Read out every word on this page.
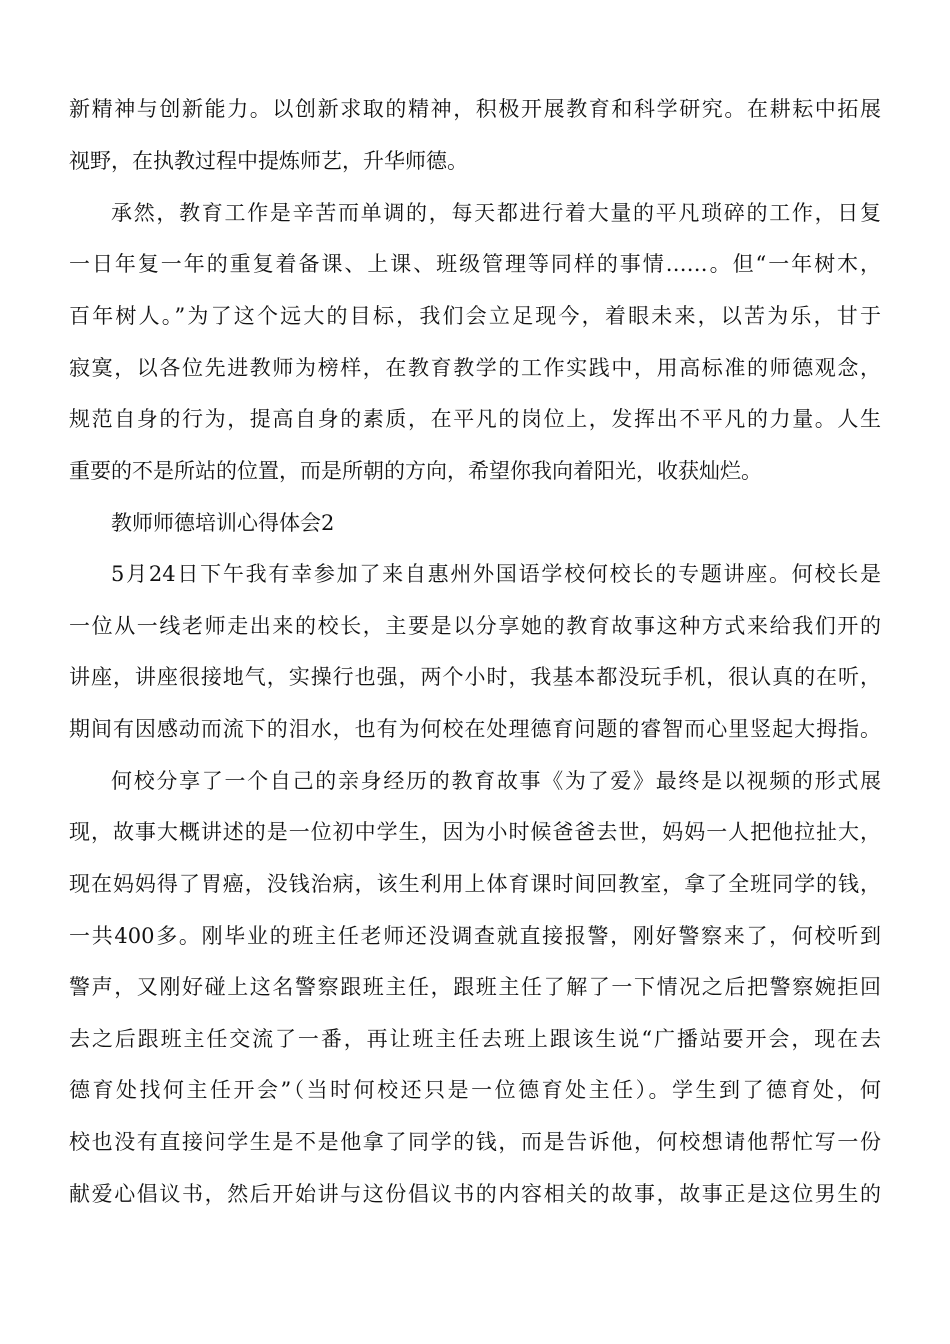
新精神与创新能力。以创新求取的精神，积极开展教育和科学研究。在耕耘中拓展
视野，在执教过程中提炼师艺，升华师德。
承然，教育工作是辛苦而单调的，每天都进行着大量的平凡琐碎的工作，日复
一日年复一年的重复着备课、上课、班级管理等同样的事情……。但“一年树木，
百年树人。”为了这个远大的目标，我们会立足现今，着眼未来，以苦为乐，甘于
寂寞，以各位先进教师为榜样，在教育教学的工作实践中，用高标准的师德观念，
规范自身的行为，提高自身的素质，在平凡的岗位上，发挥出不平凡的力量。人生
重要的不是所站的位置，而是所朝的方向，希望你我向着阳光，收获灿烂。
教师师德培训心得体会2
5月24日下午我有幸参加了来自惠州外国语学校何校长的专题讲座。何校长是
一位从一线老师走出来的校长，主要是以分享她的教育故事这种方式来给我们开的
讲座，讲座很接地气，实操行也强，两个小时，我基本都没玩手机，很认真的在听，
期间有因感动而流下的泪水，也有为何校在处理德育问题的睿智而心里竖起大拇指。
何校分享了一个自己的亲身经历的教育故事《为了爱》最终是以视频的形式展
现，故事大概讲述的是一位初中学生，因为小时候爸爸去世，妈妈一人把他拉扯大，
现在妈妈得了胃癌，没钱治病，该生利用上体育课时间回教室，拿了全班同学的钱，
一共400多。刚毕业的班主任老师还没调查就直接报警，刚好警察来了，何校听到
警声，又刚好碰上这名警察跟班主任，跟班主任了解了一下情况之后把警察婉拒回
去之后跟班主任交流了一番，再让班主任去班上跟该生说“广播站要开会，现在去
德育处找何主任开会”（当时何校还只是一位德育处主任）。学生到了德育处，何
校也没有直接问学生是不是他拿了同学的钱，而是告诉他，何校想请他帮忙写一份
献爱心倡议书，然后开始讲与这份倡议书的内容相关的故事，故事正是这位男生的
